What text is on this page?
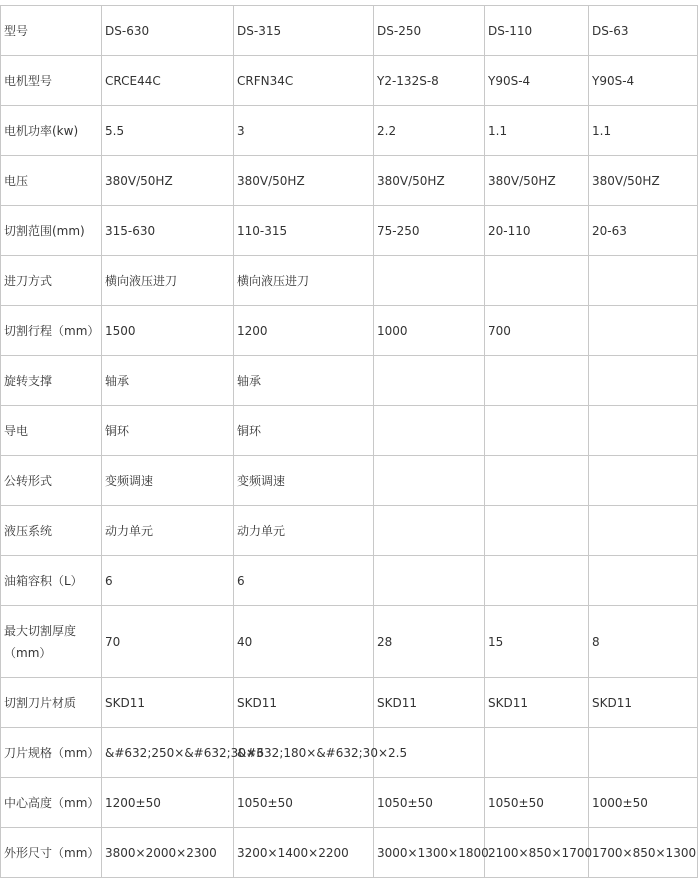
型号	DS-630	DS-315	DS-250	DS-110	DS-63
电机型号	CRCE44C	CRFN34C	Y2-132S-8	Y90S-4	Y90S-4
电机功率(kw)	5.5	3	2.2	1.1	1.1
电压	380V/50HZ	380V/50HZ	380V/50HZ	380V/50HZ	380V/50HZ
切割范围(mm)	315-630	110-315	75-250	20-110	20-63
进刀方式	横向液压进刀	横向液压进刀			
切割行程（mm）	1500	1200	1000	700	
旋转支撑	轴承	轴承			
导电	铜环	铜环			
公转形式	变频调速	变频调速			
液压系统	动力单元	动力单元			
油箱容积（L）	6	6			
最大切割厚度（mm）	70	40	28	15	8
切割刀片材质	SKD11	SKD11	SKD11	SKD11	SKD11
刀片规格（mm）	&#632;250×&#632;30×3	&#632;180×&#632;30×2.5			
中心高度（mm）	1200±50	1050±50	1050±50	1050±50	1000±50
外形尺寸（mm）	3800×2000×2300	3200×1400×2200	3000×1300×1800	2100×850×1700	1700×850×1300
